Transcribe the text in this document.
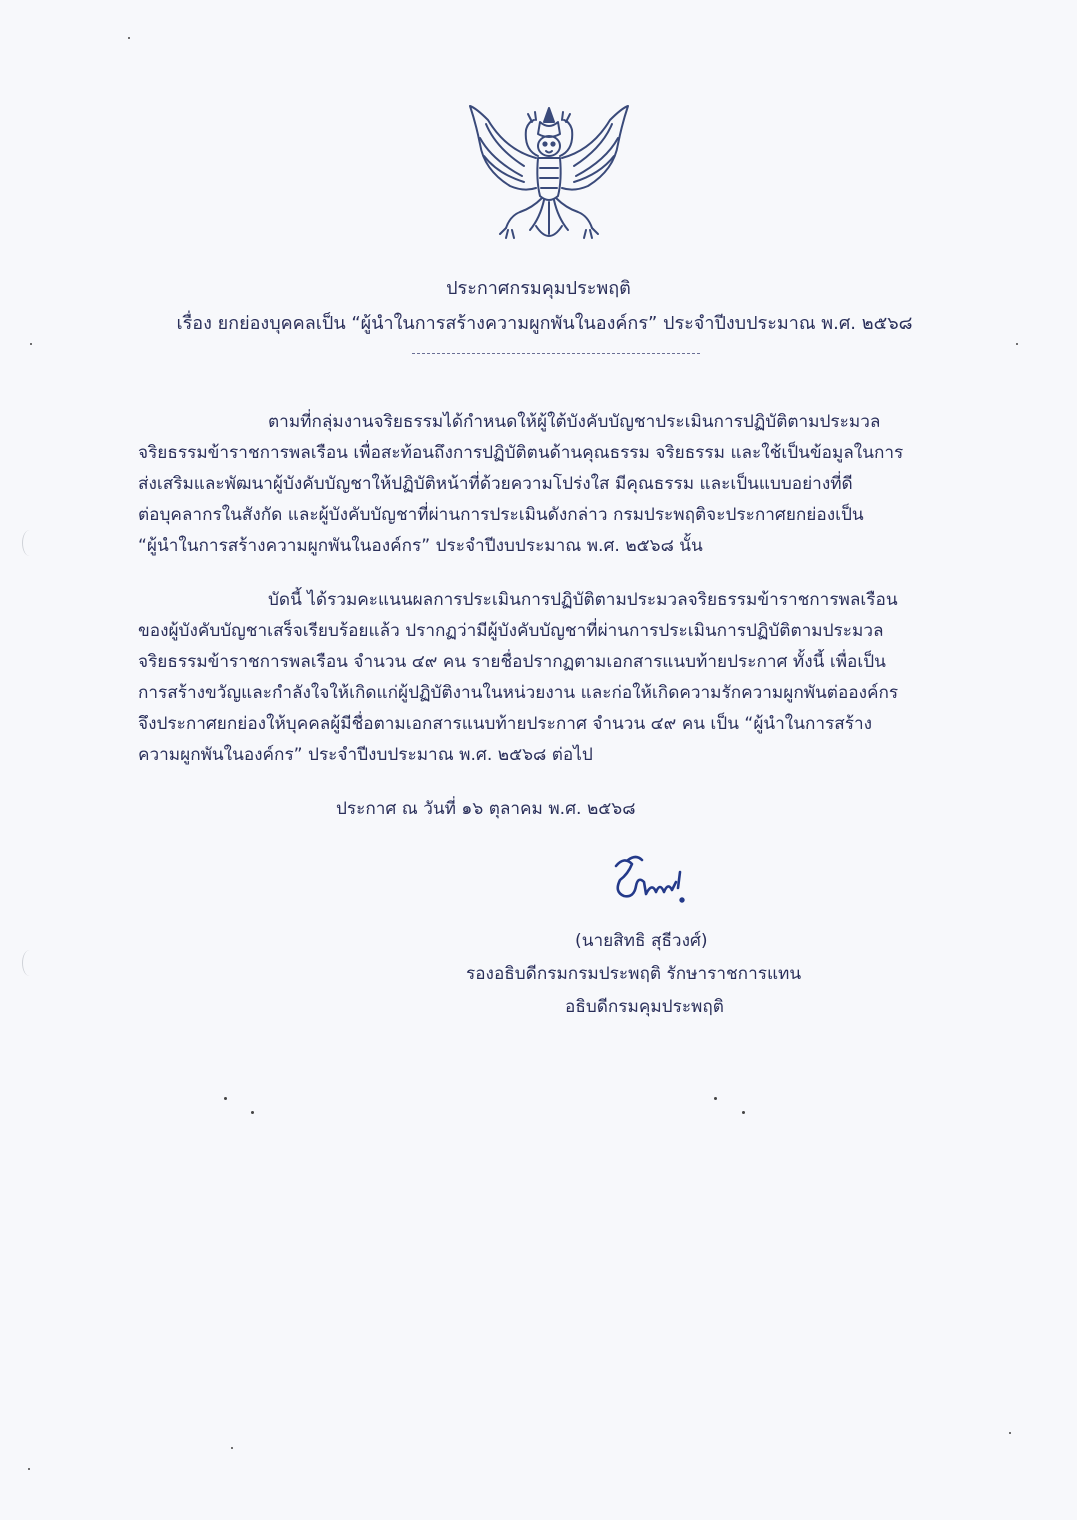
ประกาศกรมคุมประพฤติ
เรื่อง ยกย่องบุคคลเป็น “ผู้นำในการสร้างความผูกพันในองค์กร” ประจำปีงบประมาณ พ.ศ. ๒๕๖๘
ตามที่กลุ่มงานจริยธรรมได้กำหนดให้ผู้ใต้บังคับบัญชาประเมินการปฏิบัติตามประมวล
จริยธรรมข้าราชการพลเรือน เพื่อสะท้อนถึงการปฏิบัติตนด้านคุณธรรม จริยธรรม และใช้เป็นข้อมูลในการ
ส่งเสริมและพัฒนาผู้บังคับบัญชาให้ปฏิบัติหน้าที่ด้วยความโปร่งใส มีคุณธรรม และเป็นแบบอย่างที่ดี
ต่อบุคลากรในสังกัด และผู้บังคับบัญชาที่ผ่านการประเมินดังกล่าว กรมประพฤติจะประกาศยกย่องเป็น
“ผู้นำในการสร้างความผูกพันในองค์กร” ประจำปีงบประมาณ พ.ศ. ๒๕๖๘ นั้น
บัดนี้ ได้รวมคะแนนผลการประเมินการปฏิบัติตามประมวลจริยธรรมข้าราชการพลเรือน
ของผู้บังคับบัญชาเสร็จเรียบร้อยแล้ว ปรากฏว่ามีผู้บังคับบัญชาที่ผ่านการประเมินการปฏิบัติตามประมวล
จริยธรรมข้าราชการพลเรือน จำนวน ๔๙ คน รายชื่อปรากฏตามเอกสารแนบท้ายประกาศ ทั้งนี้ เพื่อเป็น
การสร้างขวัญและกำลังใจให้เกิดแก่ผู้ปฏิบัติงานในหน่วยงาน และก่อให้เกิดความรักความผูกพันต่อองค์กร
จึงประกาศยกย่องให้บุคคลผู้มีชื่อตามเอกสารแนบท้ายประกาศ จำนวน ๔๙ คน เป็น “ผู้นำในการสร้าง
ความผูกพันในองค์กร” ประจำปีงบประมาณ พ.ศ. ๒๕๖๘ ต่อไป
ประกาศ ณ วันที่ ๑๖ ตุลาคม พ.ศ. ๒๕๖๘
(นายสิทธิ สุธีวงศ์)
รองอธิบดีกรมกรมประพฤติ รักษาราชการแทน
อธิบดีกรมคุมประพฤติ
